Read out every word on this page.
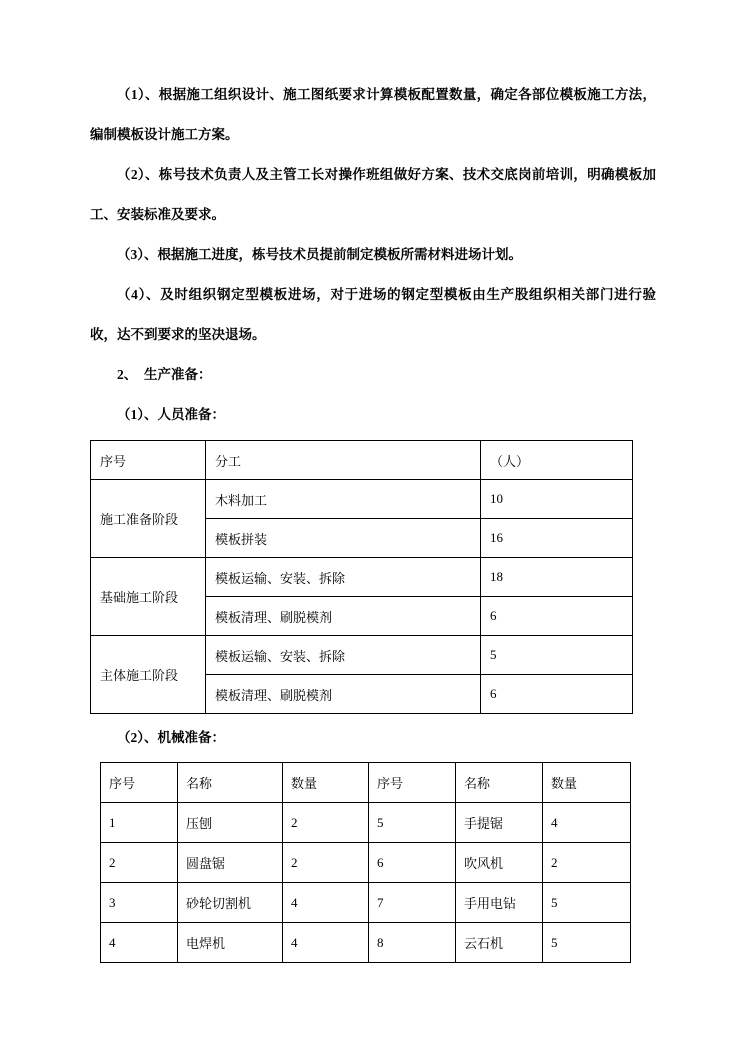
（1）、根据施工组织设计、施工图纸要求计算模板配置数量，确定各部位模板施工方法，编制模板设计施工方案。

（2）、栋号技术负责人及主管工长对操作班组做好方案、技术交底岗前培训，明确模板加工、安装标准及要求。

（3）、根据施工进度，栋号技术员提前制定模板所需材料进场计划。

（4）、及时组织钢定型模板进场，对于进场的钢定型模板由生产股组织相关部门进行验收，达不到要求的坚决退场。

2、　生产准备：

（1）、人员准备：

序号	分工	（人）
施工准备阶段	木料加工	10
	模板拼装	16
基础施工阶段	模板运输、安装、拆除	18
	模板清理、刷脱模剂	6
主体施工阶段	模板运输、安装、拆除	5
	模板清理、刷脱模剂	6

（2）、机械准备：

序号	名称	数量	序号	名称	数量
1	压刨	2	5	手提锯	4
2	圆盘锯	2	6	吹风机	2
3	砂轮切割机	4	7	手用电钻	5
4	电焊机	4	8	云石机	5
